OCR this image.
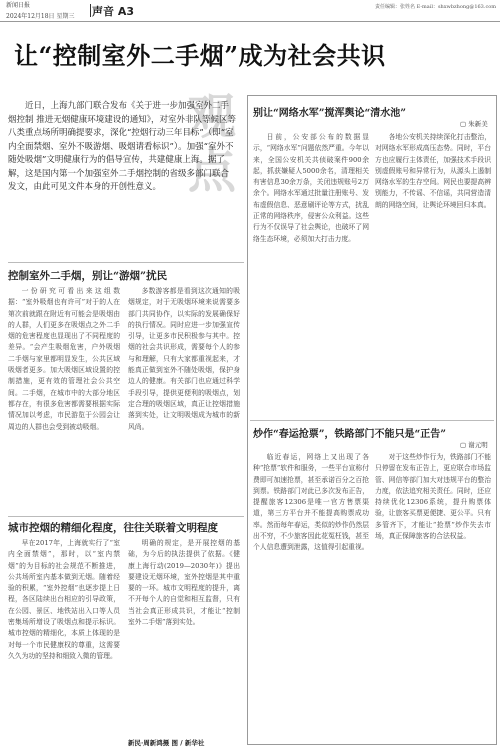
新闻日报
2024年12月18日 星期三 声音 A3	责任编辑：张姓名 E-mail：shxwbzhong@163.com
让“控制室外二手烟”成为社会共识
观点
近日，上海九部门联合发布《关于进一步加强室外二手烟控制 推进无烟健康环境建设的通知》，对室外非队等候区等八类重点场所明确提要求，深化“控烟行动三年目标”（即“室内全面禁烟、室外不吸游烟、吸烟请看标识”）。加强“室外不随处吸烟”文明健康行为的倡导宣传，共建健康上海。据了解，这是国内第一个加强室外二手烟控制的省级多部门联合发文，由此可见文件本身的开创性意义。
控制室外二手烟，别让“游烟”扰民

一份研究可看出来这组数据：“室外吸烟也有许可”对于的人在第次前就跟在附近有可能会是吸烟由的人群，人们更多在吸烟点之外二手烟的危害程度也显现出了不同程度的差异。“会产生吸烟危害，户外吸烟二手烟与家里都明显发生，公共区域吸烟者更多。加大吸烟区域设置的控制措施，更有效的管理社会公共空间。二手烟，在城市中的大部分地区都存在，有很多危害都需要根据实际情况加以考虑，市民游览于公园会让周边的人群也会受到被动吸烟。

多数游客都是看到这次通知的吸烟规定，对于无吸烟环境来说需要多部门共同协作，以实际的发展确保好的执行情况。同时应进一步加强宣传引导，让更多市民积极参与其中。控烟的社会共识形成，需要每个人的参与和理解，只有大家都重视起来，才能真正做到室外不随处吸烟，保护身边人的健康。有关部门也应通过科学手段引导，提供更便利的吸烟点，划定合理的吸烟区域，真正让控烟措施落到实处，让文明吸烟成为城市的新风尚。

城市控烟的精细化程度，往往关联着文明程度

早在2017年，上海就实行了“室内全面禁烟”，那时，以“室内禁烟”的为目标的社会规范不断推进，公共场所室内基本做到无烟。随着经验的积累，“室外控烟”也逐步提上日程，各区陆续出台相应的引导政策，在公园、景区、地铁站出入口等人员密集场所增设了吸烟点和提示标识。城市控烟的精细化，本质上体现的是对每一个市民健康权的尊重，这需要久久为功的坚持和细致入微的管理。

明确的规定，是开展控烟的基础，为今后的执法提供了依据。《健康上海行动(2019—2030年)》提出要建设无烟环境，室外控烟是其中重要的一环。城市文明程度的提升，离不开每个人的自觉和相互监督，只有当社会真正形成共识，才能让“控制室外二手烟”落到实处。

新民·周新鸿摄 图 / 新华社
别让“网络水军”搅浑舆论“清水池”
▢ 朱新美

日前，公安部公布的数据显示，“网络水军”问题依然严重。今年以来，全国公安机关共侦破案件900余起，抓获嫌疑人5000余名，清理相关有害信息30余万条，关闭违规账号2万余个。网络水军通过批量注册账号、发布虚假信息、恶意刷评论等方式，扰乱正常的网络秩序，侵害公众利益。这些行为不仅误导了社会舆论，也破坏了网络生态环境，必须加大打击力度。

各地公安机关持续深化打击整治，对网络水军形成高压态势。同时，平台方也应履行主体责任，加强技术手段识别虚假账号和异常行为，从源头上遏制网络水军的生存空间。网民也要提高辨别能力，不传谣、不信谣，共同营造清朗的网络空间，让舆论环境回归本真。

炒作“春运抢票”，铁路部门不能只是“正告”
▢ 谢元明

临近春运，网络上又出现了各种“抢票”软件和服务，一些平台宣称付费即可加速抢票，甚至承诺百分之百抢到票。铁路部门对此已多次发布正告，提醒旅客12306是唯一官方售票渠道，第三方平台并不能提高购票成功率。然而每年春运，类似的炒作仍然层出不穷，不少旅客因此花冤枉钱，甚至个人信息遭到泄露，这值得引起重视。

对于这些炒作行为，铁路部门不能只停留在发布正告上，更应联合市场监管、网信等部门加大对违规平台的整治力度，依法追究相关责任。同时，还应持续优化12306系统，提升购票体验，让旅客买票更便捷、更公平。只有多管齐下，才能让“抢票”炒作失去市场，真正保障旅客的合法权益。
